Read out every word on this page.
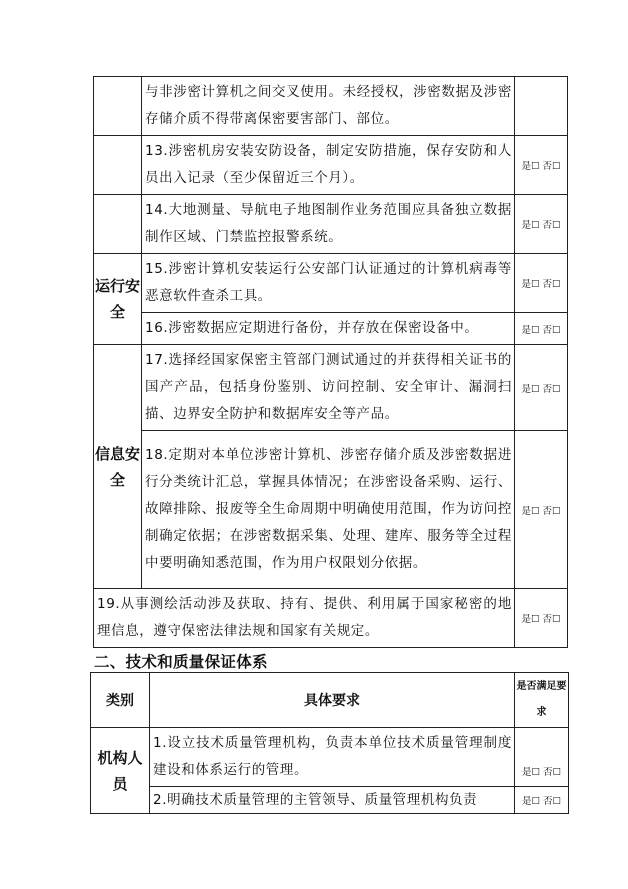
	与非涉密计算机之间交叉使用。未经授权，涉密数据及涉密存储介质不得带离保密要害部门、部位。	
	13.涉密机房安装安防设备，制定安防措施，保存安防和人员出入记录（至少保留近三个月）。	是☐ 否☐
	14.大地测量、导航电子地图制作业务范围应具备独立数据制作区域、门禁监控报警系统。	是☐ 否☐
运行安全	15.涉密计算机安装运行公安部门认证通过的计算机病毒等恶意软件查杀工具。	是☐ 否☐
	16.涉密数据应定期进行备份，并存放在保密设备中。	是☐ 否☐
信息安全	17.选择经国家保密主管部门测试通过的并获得相关证书的国产产品，包括身份鉴别、访问控制、安全审计、漏洞扫描、边界安全防护和数据库安全等产品。	是☐ 否☐
	18.定期对本单位涉密计算机、涉密存储介质及涉密数据进行分类统计汇总，掌握具体情况；在涉密设备采购、运行、故障排除、报废等全生命周期中明确使用范围，作为访问控制确定依据；在涉密数据采集、处理、建库、服务等全过程中要明确知悉范围，作为用户权限划分依据。	是☐ 否☐
19.从事测绘活动涉及获取、持有、提供、利用属于国家秘密的地理信息，遵守保密法律法规和国家有关规定。		是☐ 否☐
二、技术和质量保证体系
类别	具体要求	是否满足要求
机构人员	1.设立技术质量管理机构，负责本单位技术质量管理制度建设和体系运行的管理。	是☐ 否☐
	2.明确技术质量管理的主管领导、质量管理机构负责	是☐ 否☐
